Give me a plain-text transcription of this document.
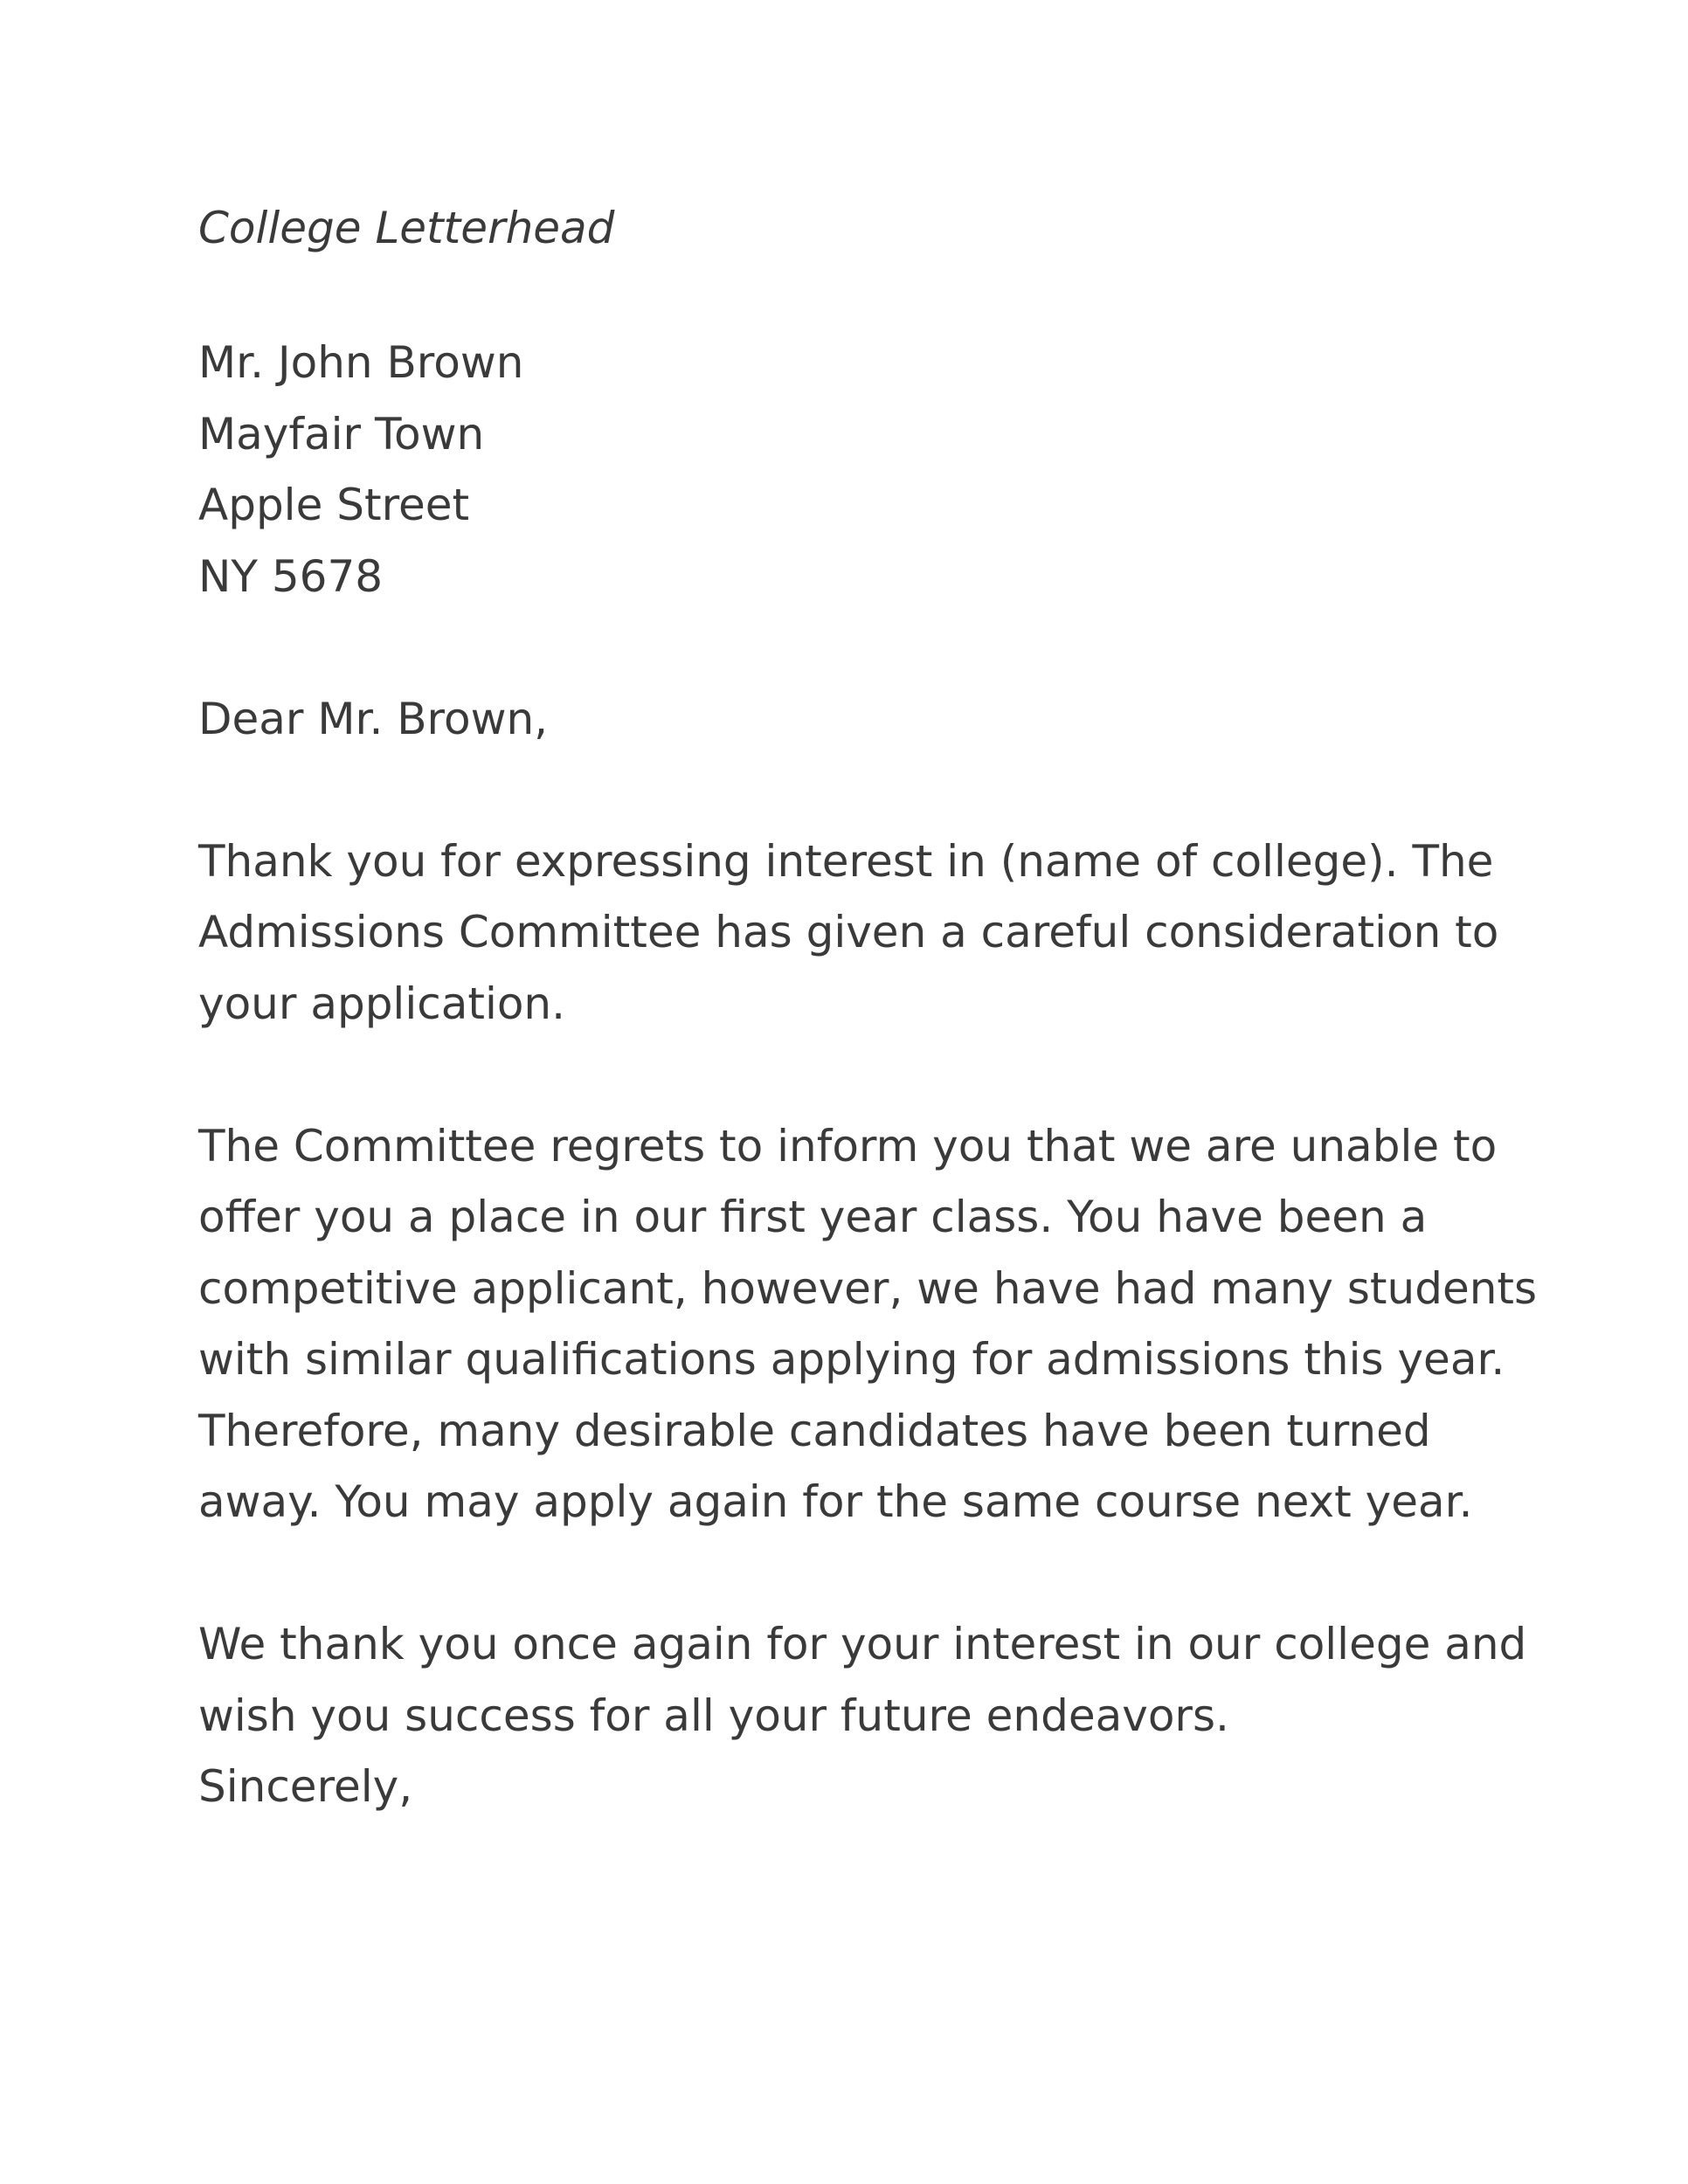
College Letterhead
Mr. John Brown
Mayfair Town
Apple Street
NY 5678
Dear Mr. Brown,
Thank you for expressing interest in (name of college). The
Admissions Committee has given a careful consideration to
your application.
The Committee regrets to inform you that we are unable to
offer you a place in our first year class. You have been a
competitive applicant, however, we have had many students
with similar qualifications applying for admissions this year.
Therefore, many desirable candidates have been turned
away. You may apply again for the same course next year.
We thank you once again for your interest in our college and
wish you success for all your future endeavors.
Sincerely,
